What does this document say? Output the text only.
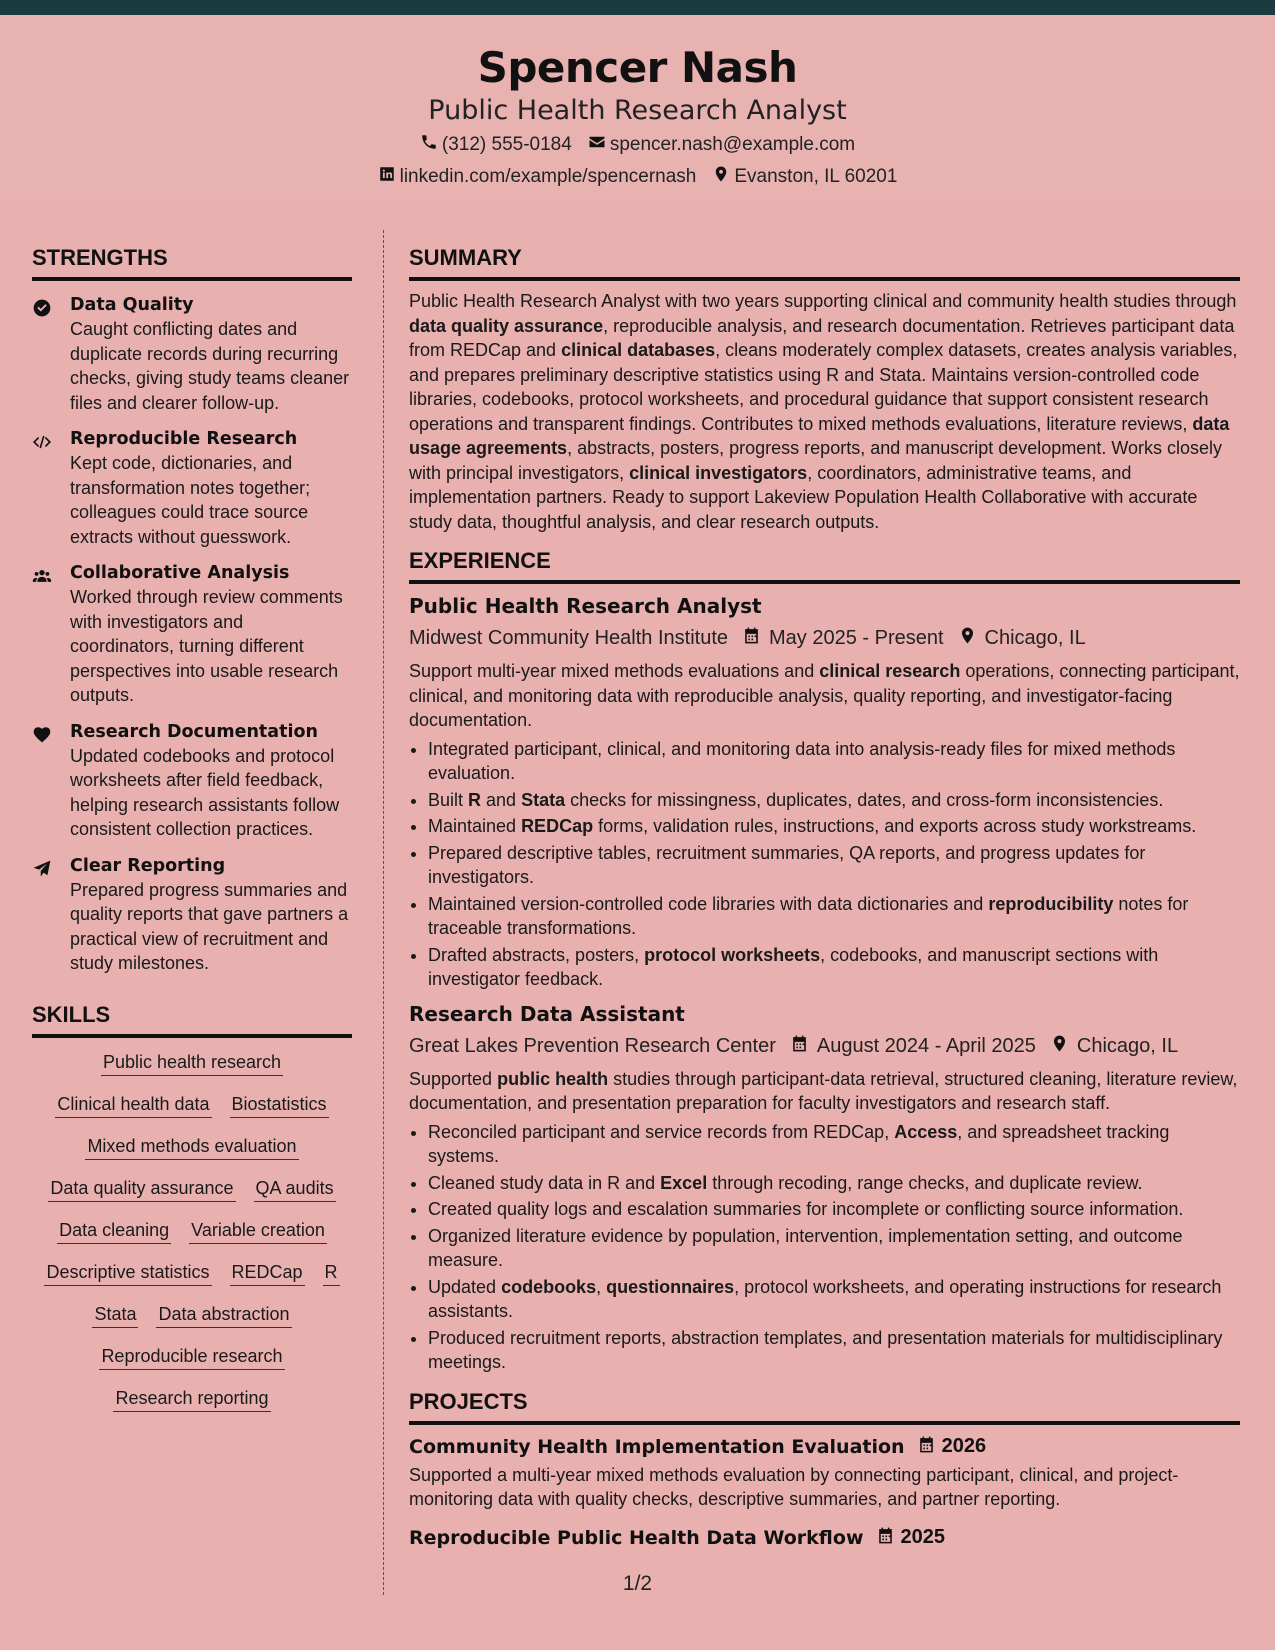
Spencer Nash
Public Health Research Analyst
(312) 555-0184 spencer.nash@example.com
linkedin.com/example/spencernash Evanston, IL 60201
STRENGTHS
Data Quality
Caught conflicting dates and duplicate records during recurring checks, giving study teams cleaner files and clearer follow-up.
Reproducible Research
Kept code, dictionaries, and transformation notes together; colleagues could trace source extracts without guesswork.
Collaborative Analysis
Worked through review comments with investigators and coordinators, turning different perspectives into usable research outputs.
Research Documentation
Updated codebooks and protocol worksheets after field feedback, helping research assistants follow consistent collection practices.
Clear Reporting
Prepared progress summaries and quality reports that gave partners a practical view of recruitment and study milestones.
SKILLS
Public health research
Clinical health data Biostatistics
Mixed methods evaluation
Data quality assurance QA audits
Data cleaning Variable creation
Descriptive statistics REDCap R
Stata Data abstraction
Reproducible research
Research reporting
SUMMARY

Public Health Research Analyst with two years supporting clinical and community health studies through data quality assurance, reproducible analysis, and research documentation. Retrieves participant data from REDCap and clinical databases, cleans moderately complex datasets, creates analysis variables, and prepares preliminary descriptive statistics using R and Stata. Maintains version-controlled code libraries, codebooks, protocol worksheets, and procedural guidance that support consistent research operations and transparent findings. Contributes to mixed methods evaluations, literature reviews, data usage agreements, abstracts, posters, progress reports, and manuscript development. Works closely with principal investigators, clinical investigators, coordinators, administrative teams, and implementation partners. Ready to support Lakeview Population Health Collaborative with accurate study data, thoughtful analysis, and clear research outputs.

EXPERIENCE
Public Health Research Analyst
Midwest Community Health Institute May 2025 - Present Chicago, IL

Support multi-year mixed methods evaluations and clinical research operations, connecting participant, clinical, and monitoring data with reproducible analysis, quality reporting, and investigator-facing documentation.

• Integrated participant, clinical, and monitoring data into analysis-ready files for mixed methods evaluation.
• Built R and Stata checks for missingness, duplicates, dates, and cross-form inconsistencies.
• Maintained REDCap forms, validation rules, instructions, and exports across study workstreams.
• Prepared descriptive tables, recruitment summaries, QA reports, and progress updates for investigators.
• Maintained version-controlled code libraries with data dictionaries and reproducibility notes for traceable transformations.
• Drafted abstracts, posters, protocol worksheets, codebooks, and manuscript sections with investigator feedback.
Research Data Assistant
Great Lakes Prevention Research Center August 2024 - April 2025 Chicago, IL

Supported public health studies through participant-data retrieval, structured cleaning, literature review, documentation, and presentation preparation for faculty investigators and research staff.

• Reconciled participant and service records from REDCap, Access, and spreadsheet tracking systems.
• Cleaned study data in R and Excel through recoding, range checks, and duplicate review.
• Created quality logs and escalation summaries for incomplete or conflicting source information.
• Organized literature evidence by population, intervention, implementation setting, and outcome measure.
• Updated codebooks, questionnaires, protocol worksheets, and operating instructions for research assistants.
• Produced recruitment reports, abstraction templates, and presentation materials for multidisciplinary meetings.
PROJECTS
Community Health Implementation Evaluation 2026

Supported a multi-year mixed methods evaluation by connecting participant, clinical, and project-monitoring data with quality checks, descriptive summaries, and partner reporting.

Reproducible Public Health Data Workflow 2025
1/2
